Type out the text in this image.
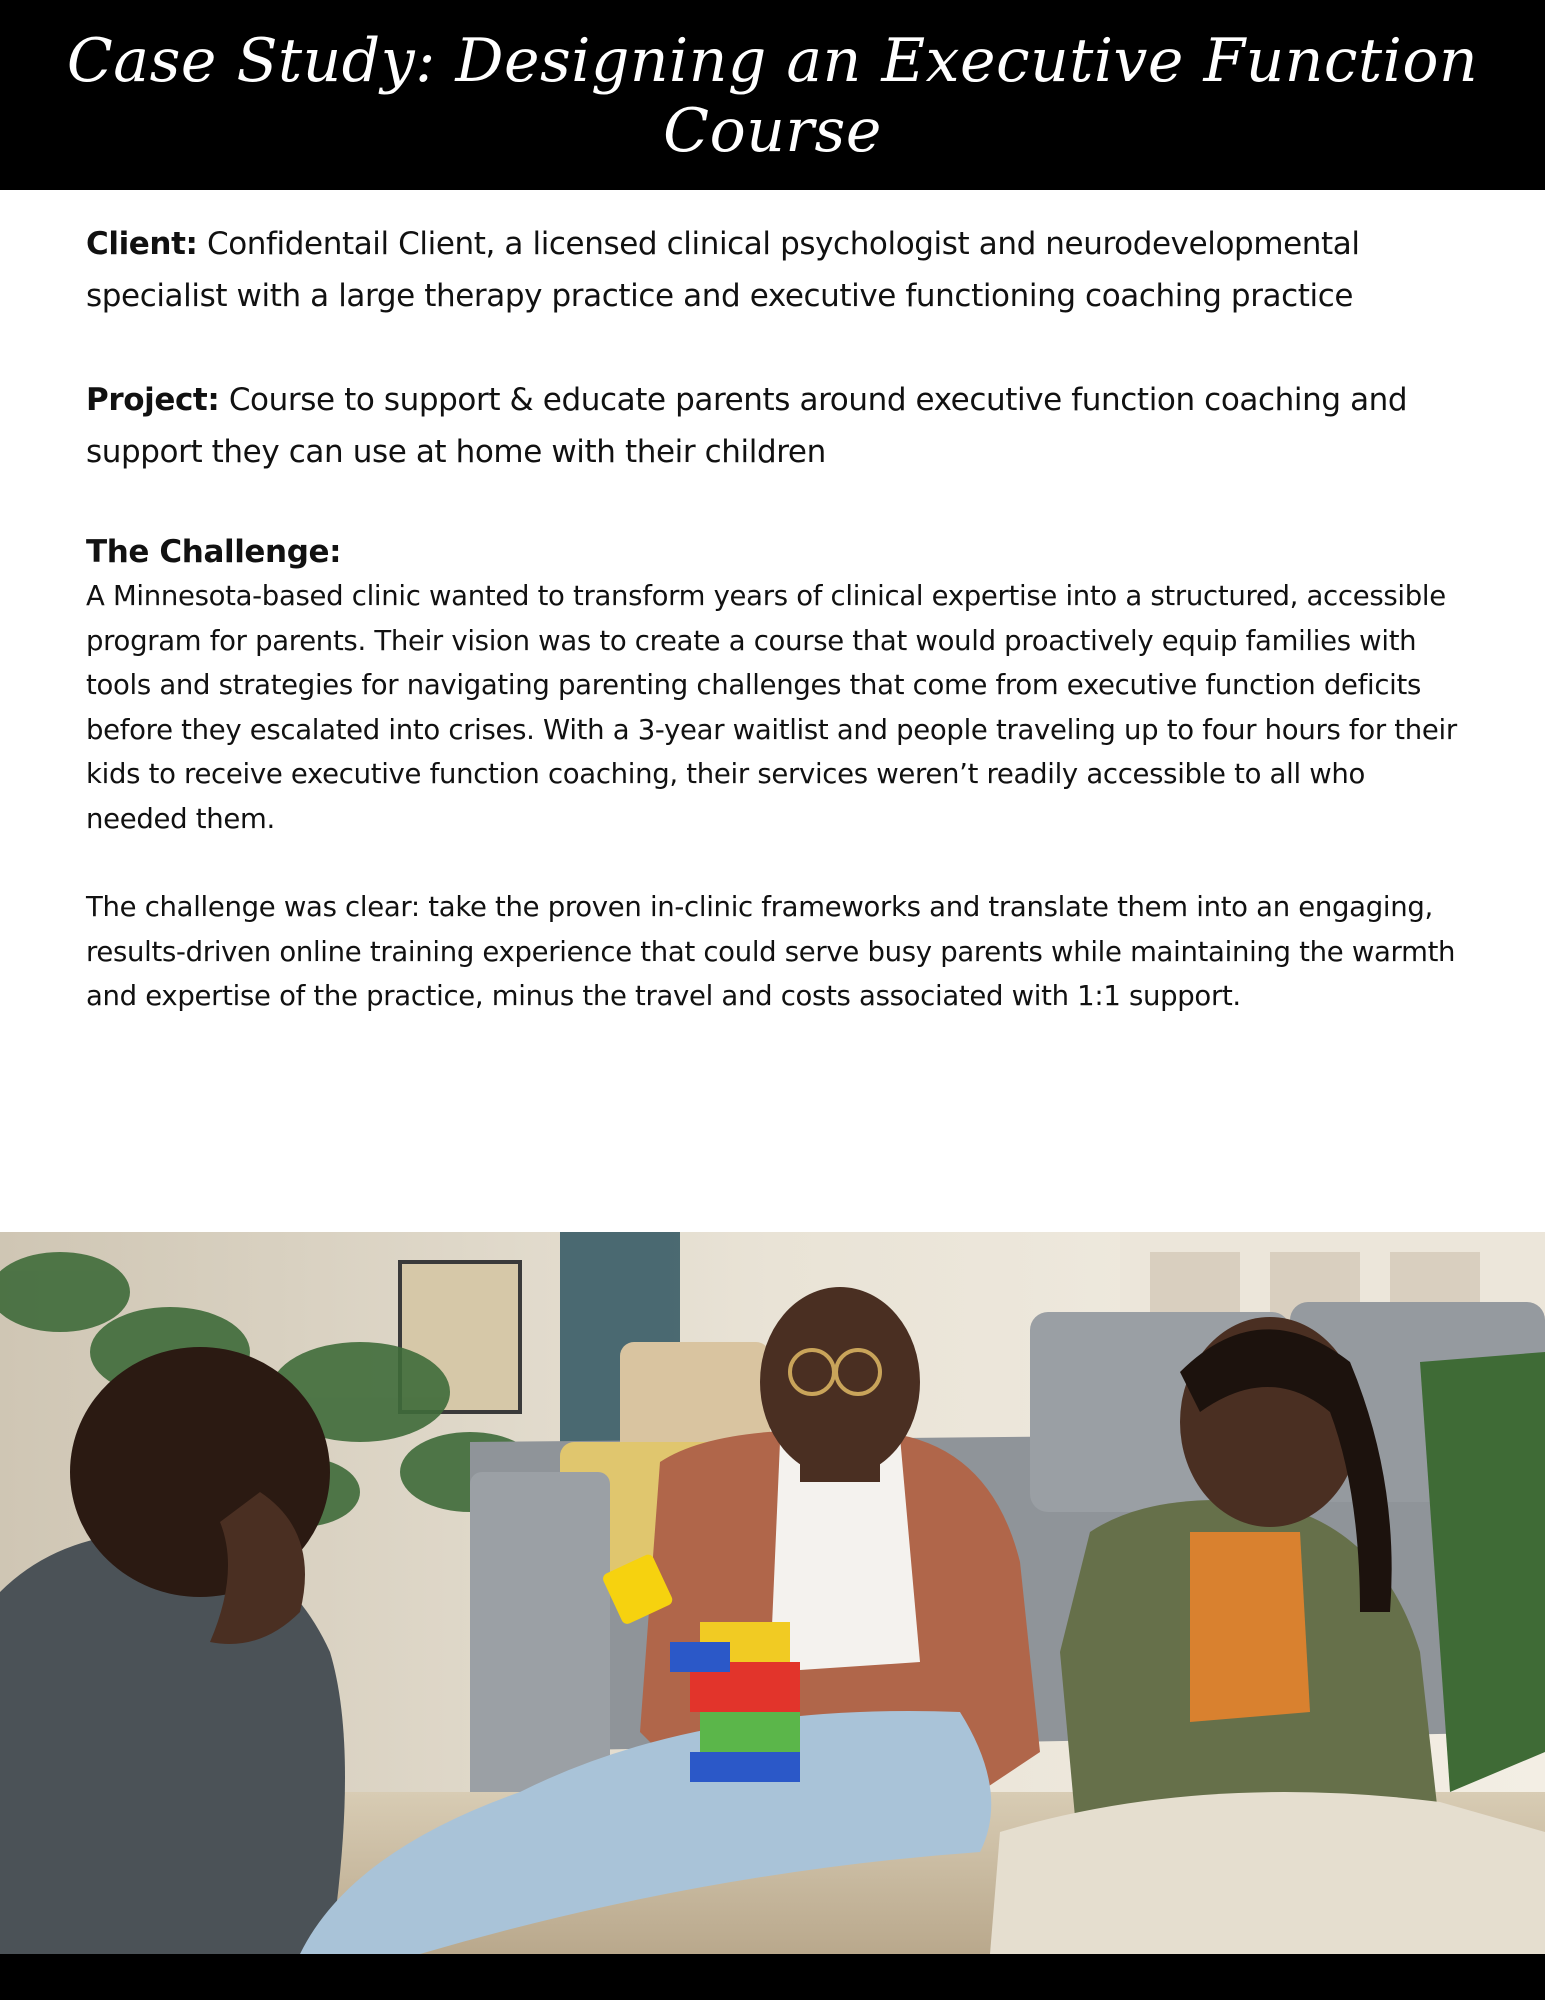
Case Study: Designing an Executive Function Course

Client: Confidentail Client, a licensed clinical psychologist and neurodevelopmental specialist with a large therapy practice and executive functioning coaching practice

Project: Course to support & educate parents around executive function coaching and support they can use at home with their children

The Challenge:

A Minnesota-based clinic wanted to transform years of clinical expertise into a structured, accessible program for parents. Their vision was to create a course that would proactively equip families with tools and strategies for navigating parenting challenges that come from executive function deficits before they escalated into crises. With a 3-year waitlist and people traveling up to four hours for their kids to receive executive function coaching, their services weren’t readily accessible to all who needed them.

The challenge was clear: take the proven in-clinic frameworks and translate them into an engaging, results-driven online training experience that could serve busy parents while maintaining the warmth and expertise of the practice, minus the travel and costs associated with 1:1 support.
